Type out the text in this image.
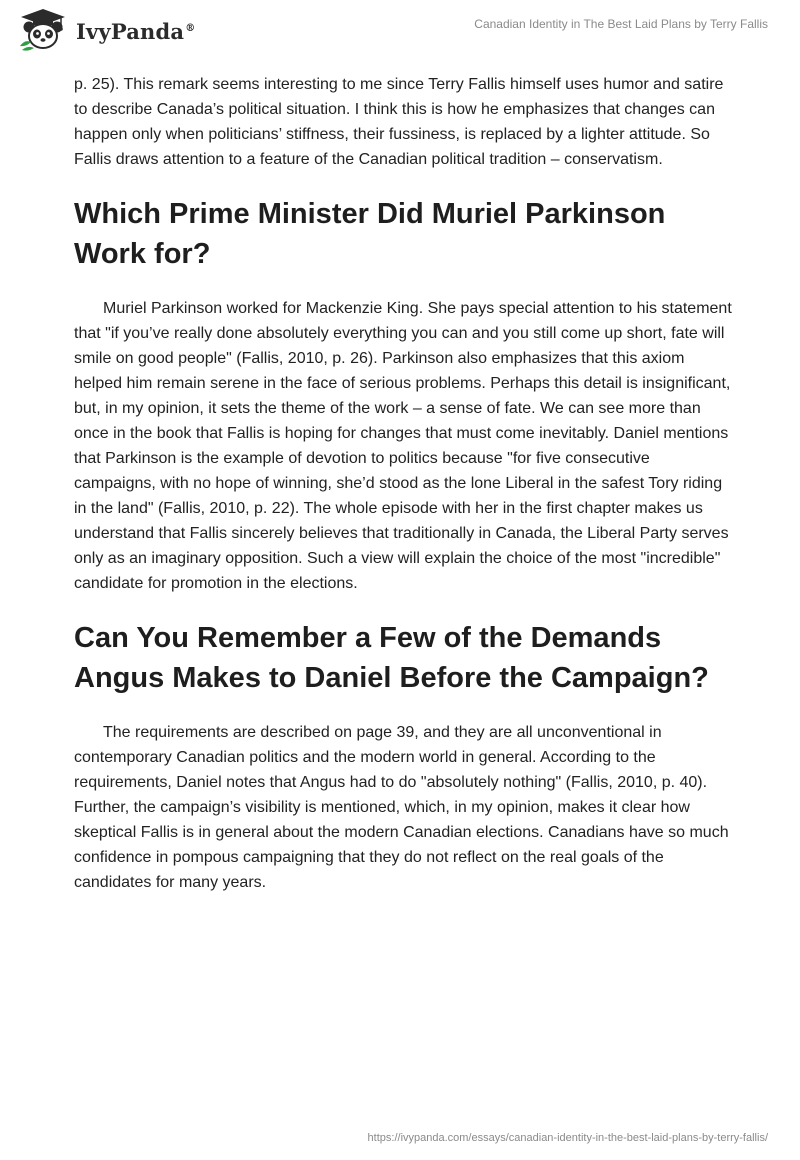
IvyPanda®	Canadian Identity in The Best Laid Plans by Terry Fallis

p. 25). This remark seems interesting to me since Terry Fallis himself uses humor and satire to describe Canada’s political situation. I think this is how he emphasizes that changes can happen only when politicians’ stiffness, their fussiness, is replaced by a lighter attitude. So Fallis draws attention to a feature of the Canadian political tradition – conservatism.

Which Prime Minister Did Muriel Parkinson Work for?

Muriel Parkinson worked for Mackenzie King. She pays special attention to his statement that "if you’ve really done absolutely everything you can and you still come up short, fate will smile on good people" (Fallis, 2010, p. 26). Parkinson also emphasizes that this axiom helped him remain serene in the face of serious problems. Perhaps this detail is insignificant, but, in my opinion, it sets the theme of the work – a sense of fate. We can see more than once in the book that Fallis is hoping for changes that must come inevitably. Daniel mentions that Parkinson is the example of devotion to politics because "for five consecutive campaigns, with no hope of winning, she’d stood as the lone Liberal in the safest Tory riding in the land" (Fallis, 2010, p. 22). The whole episode with her in the first chapter makes us understand that Fallis sincerely believes that traditionally in Canada, the Liberal Party serves only as an imaginary opposition. Such a view will explain the choice of the most "incredible" candidate for promotion in the elections.

Can You Remember a Few of the Demands Angus Makes to Daniel Before the Campaign?

The requirements are described on page 39, and they are all unconventional in contemporary Canadian politics and the modern world in general. According to the requirements, Daniel notes that Angus had to do "absolutely nothing" (Fallis, 2010, p. 40). Further, the campaign’s visibility is mentioned, which, in my opinion, makes it clear how skeptical Fallis is in general about the modern Canadian elections. Canadians have so much confidence in pompous campaigning that they do not reflect on the real goals of the candidates for many years.

https://ivypanda.com/essays/canadian-identity-in-the-best-laid-plans-by-terry-fallis/
